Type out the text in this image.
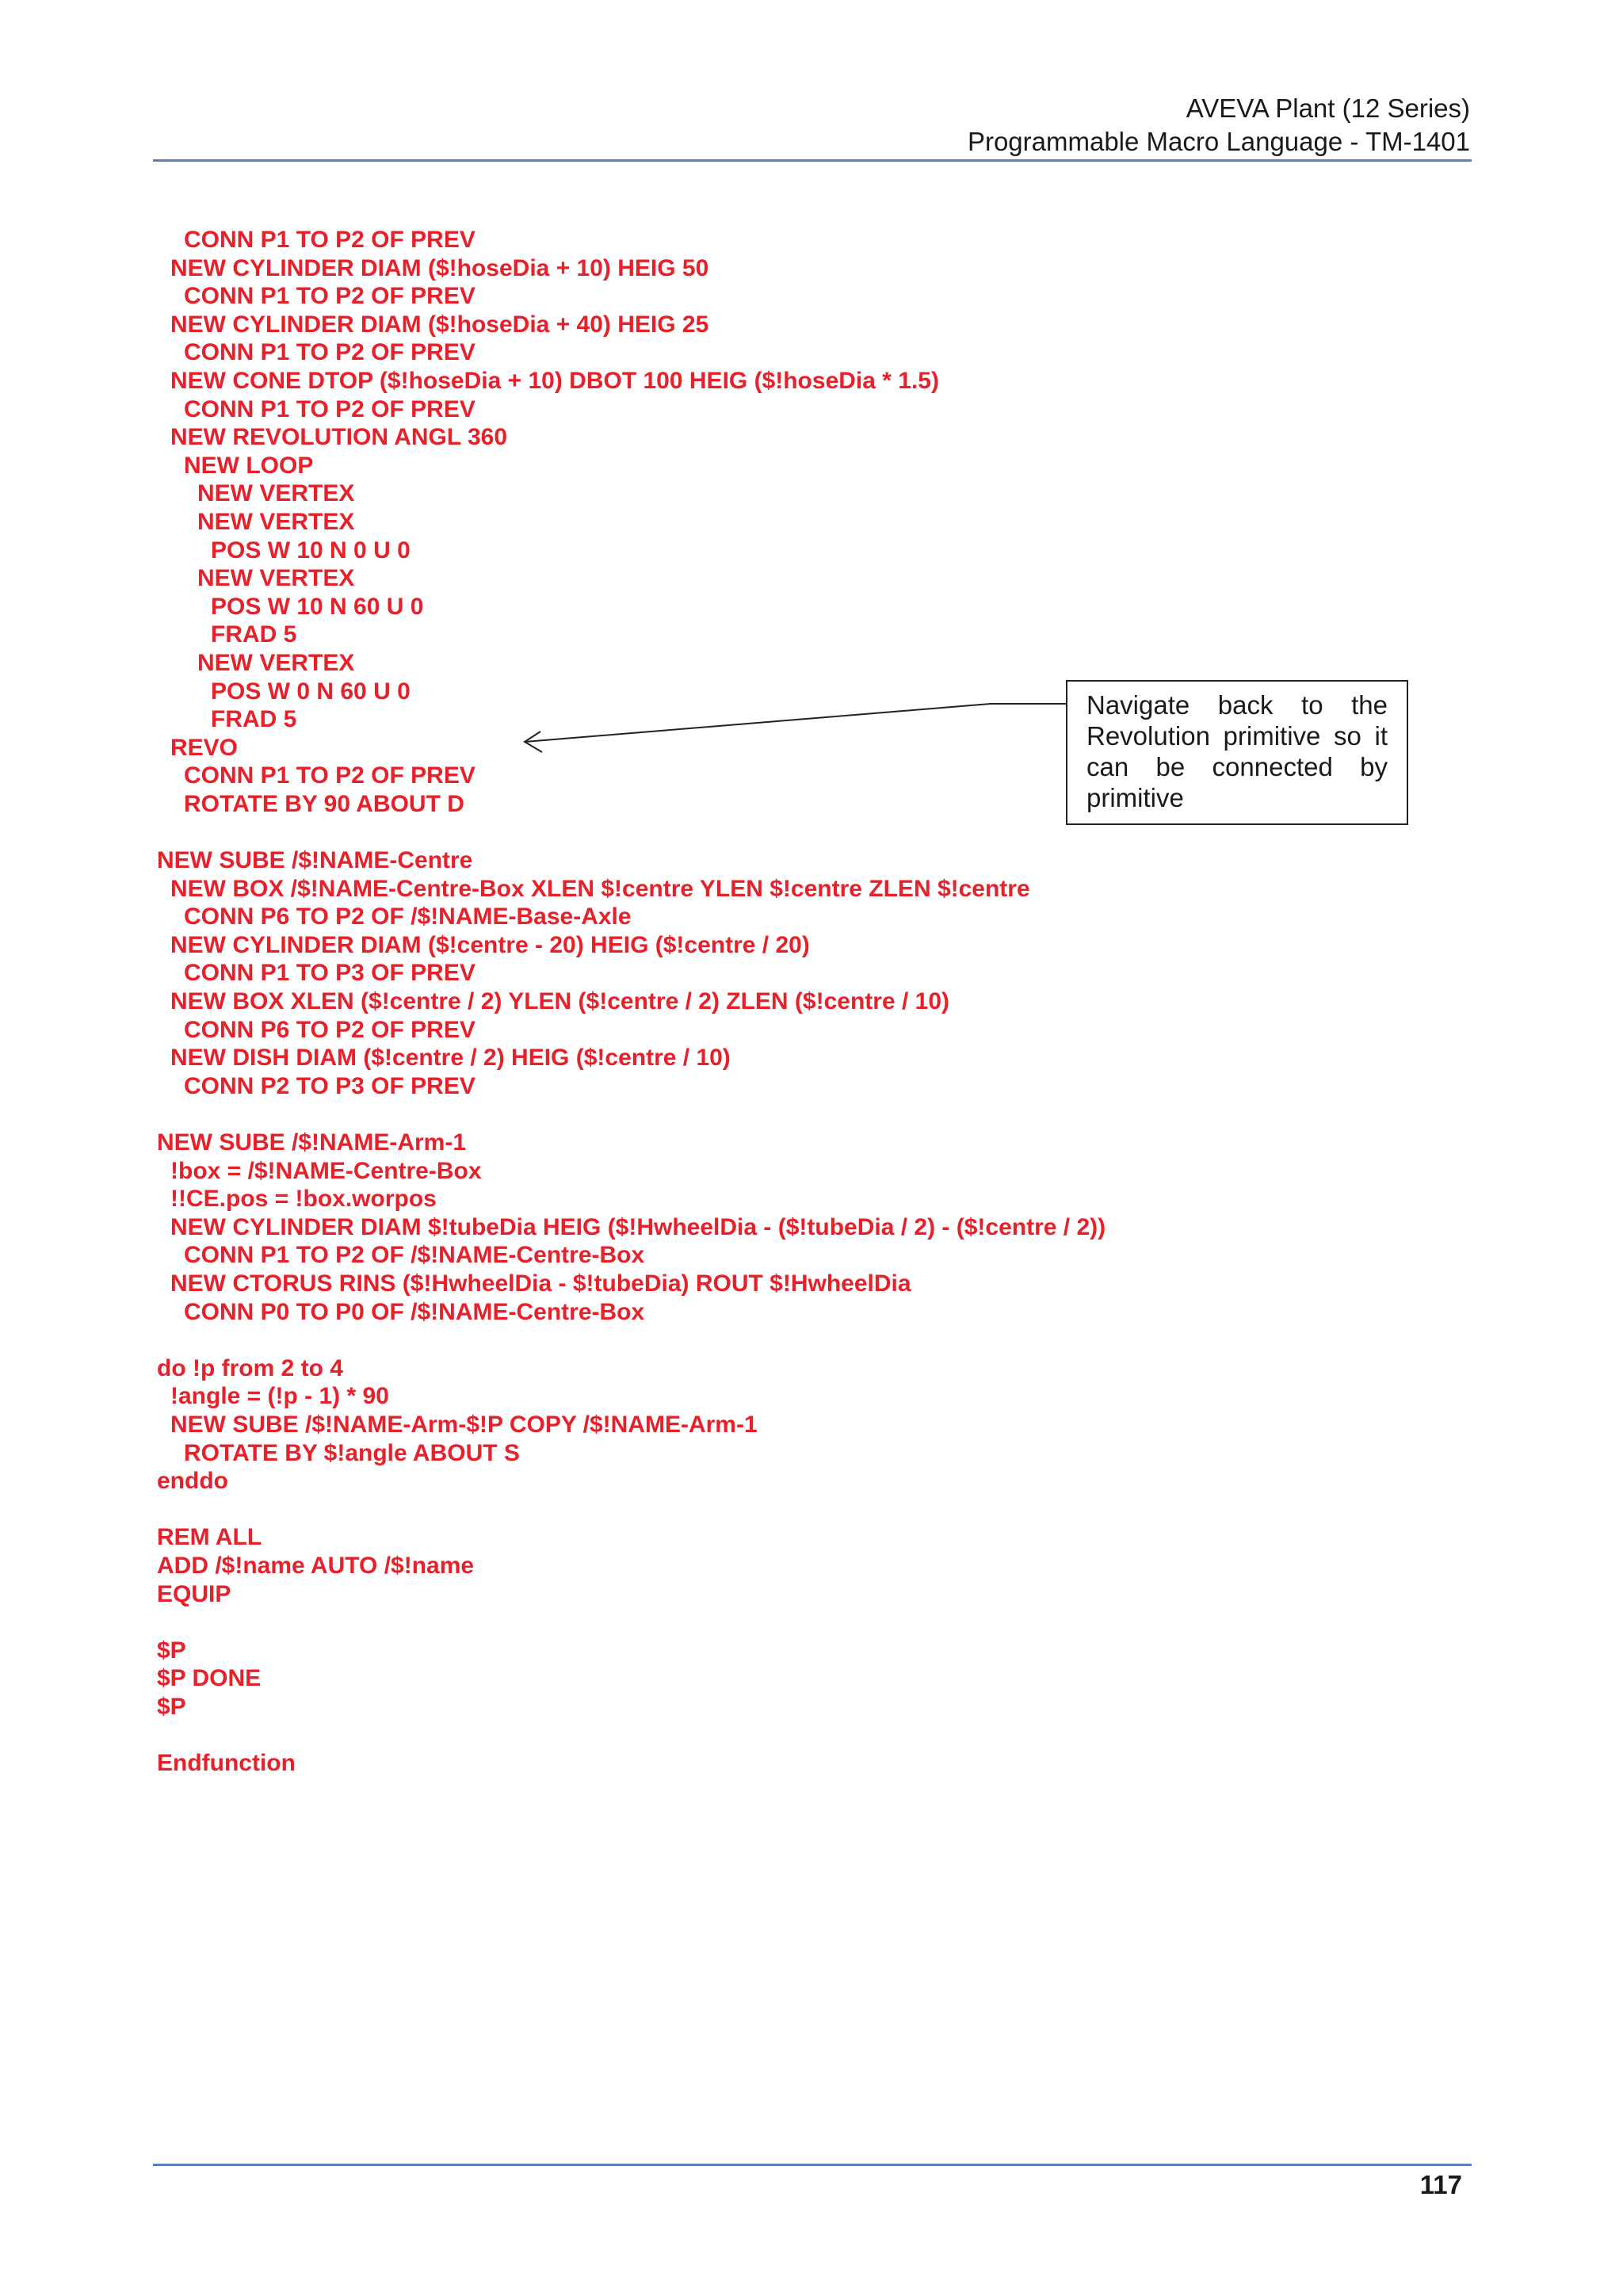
AVEVA Plant (12 Series)
Programmable Macro Language - TM-1401
CONN P1 TO P2 OF PREV
NEW CYLINDER DIAM ($!hoseDia + 10) HEIG 50
CONN P1 TO P2 OF PREV
NEW CYLINDER DIAM ($!hoseDia + 40) HEIG 25
CONN P1 TO P2 OF PREV
NEW CONE DTOP ($!hoseDia + 10) DBOT 100 HEIG ($!hoseDia * 1.5)
CONN P1 TO P2 OF PREV
NEW REVOLUTION ANGL 360
NEW LOOP
NEW VERTEX
NEW VERTEX
POS W 10 N 0 U 0
NEW VERTEX
POS W 10 N 60 U 0
FRAD 5
NEW VERTEX
POS W 0 N 60 U 0
FRAD 5
REVO
CONN P1 TO P2 OF PREV
ROTATE BY 90 ABOUT D
NEW SUBE /$!NAME-Centre
NEW BOX /$!NAME-Centre-Box XLEN $!centre YLEN $!centre ZLEN $!centre
CONN P6 TO P2 OF /$!NAME-Base-Axle
NEW CYLINDER DIAM ($!centre - 20) HEIG ($!centre / 20)
CONN P1 TO P3 OF PREV
NEW BOX XLEN ($!centre / 2) YLEN ($!centre / 2) ZLEN ($!centre / 10)
CONN P6 TO P2 OF PREV
NEW DISH DIAM ($!centre / 2) HEIG ($!centre / 10)
CONN P2 TO P3 OF PREV
NEW SUBE /$!NAME-Arm-1
!box = /$!NAME-Centre-Box
!!CE.pos = !box.worpos
NEW CYLINDER DIAM $!tubeDia HEIG ($!HwheelDia - ($!tubeDia / 2) - ($!centre / 2))
CONN P1 TO P2 OF /$!NAME-Centre-Box
NEW CTORUS RINS ($!HwheelDia - $!tubeDia) ROUT $!HwheelDia
CONN P0 TO P0 OF /$!NAME-Centre-Box
do !p from 2 to 4
!angle = (!p - 1) * 90
NEW SUBE /$!NAME-Arm-$!P COPY /$!NAME-Arm-1
ROTATE BY $!angle ABOUT S
enddo
REM ALL
ADD /$!name AUTO /$!name
EQUIP
$P
$P DONE
$P
Endfunction
Navigate back to the Revolution primitive so it can be connected by primitive
117
